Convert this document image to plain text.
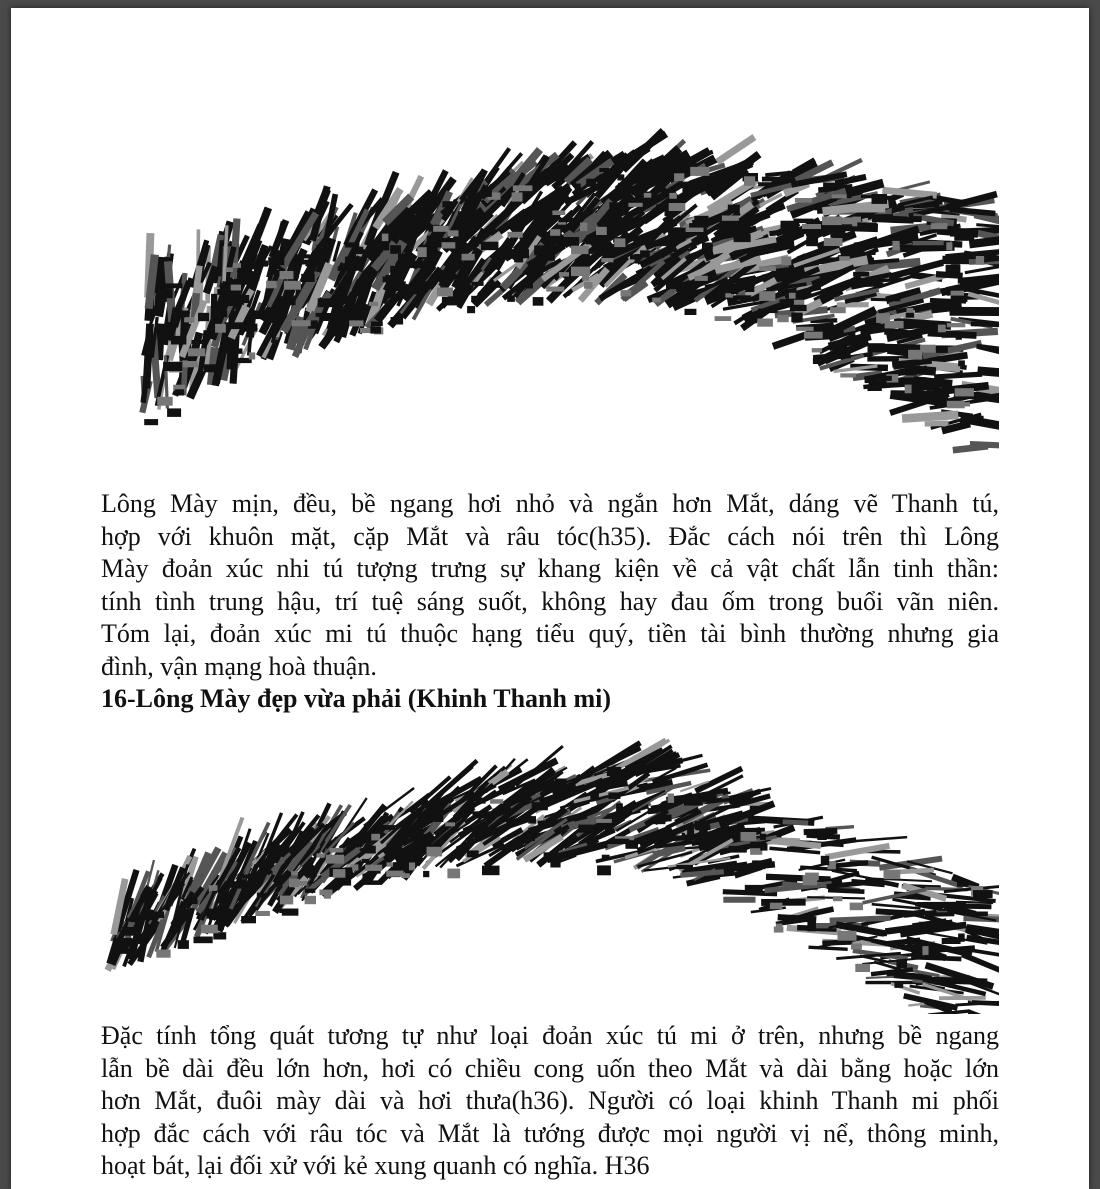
Lông Mày mịn, đều, bề ngang hơi nhỏ và ngắn hơn Mắt, dáng vẽ Thanh tú,
hợp với khuôn mặt, cặp Mắt và râu tóc(h35). Đắc cách nói trên thì Lông
Mày đoản xúc nhi tú tượng trưng sự khang kiện về cả vật chất lẫn tinh thần:
tính tình trung hậu, trí tuệ sáng suốt, không hay đau ốm trong buổi vãn niên.
Tóm lại, đoản xúc mi tú thuộc hạng tiểu quý, tiền tài bình thường nhưng gia
đình, vận mạng hoà thuận.
16-Lông Mày đẹp vừa phải (Khinh Thanh mi)
Đặc tính tổng quát tương tự như loại đoản xúc tú mi ở trên, nhưng bề ngang
lẫn bề dài đều lớn hơn, hơi có chiều cong uốn theo Mắt và dài bằng hoặc lớn
hơn Mắt, đuôi mày dài và hơi thưa(h36). Người có loại khinh Thanh mi phối
hợp đắc cách với râu tóc và Mắt là tướng được mọi người vị nể, thông minh,
hoạt bát, lại đối xử với kẻ xung quanh có nghĩa. H36
